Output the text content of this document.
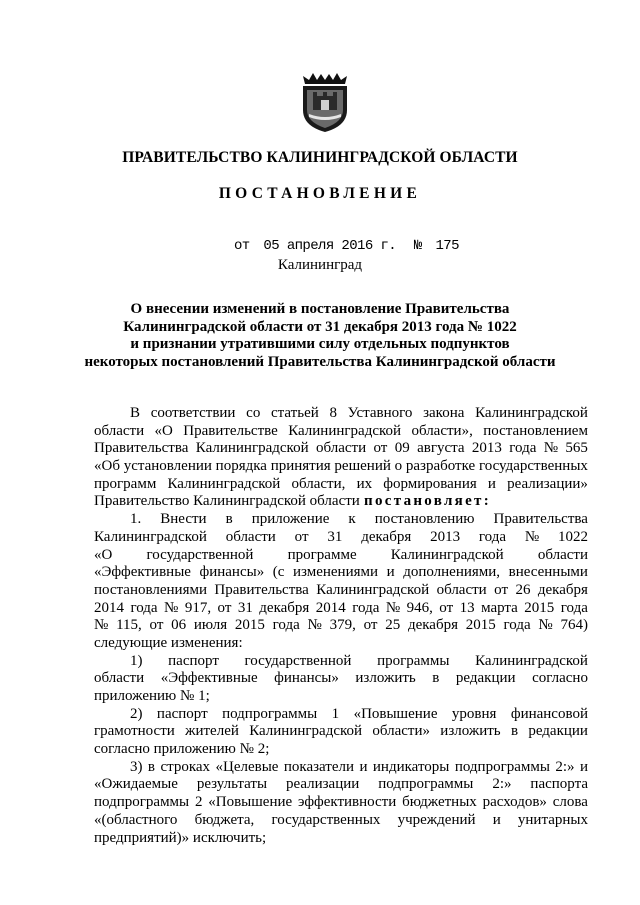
ПРАВИТЕЛЬСТВО КАЛИНИНГРАДСКОЙ ОБЛАСТИ
ПОСТАНОВЛЕНИЕ
от 05 апреля 2016 г. № 175
Калининград
О внесении изменений в постановление Правительства
Калининградской области от 31 декабря 2013 года № 1022
и признании утратившими силу отдельных подпунктов
некоторых постановлений Правительства Калининградской области
В соответствии со статьей 8 Уставного закона Калининградской
области «О Правительстве Калининградской области», постановлением
Правительства Калининградской области от 09 августа 2013 года № 565
«Об установлении порядка принятия решений о разработке государственных
программ Калининградской области, их формирования и реализации»
Правительство Калининградской области постановляет:
1. Внести в приложение к постановлению Правительства
Калининградской области от 31 декабря 2013 года № 1022
«О государственной программе Калининградской области
«Эффективные финансы» (с изменениями и дополнениями, внесенными
постановлениями Правительства Калининградской области от 26 декабря
2014 года № 917, от 31 декабря 2014 года № 946, от 13 марта 2015 года
№ 115, от 06 июля 2015 года № 379, от 25 декабря 2015 года № 764)
следующие изменения:
1) паспорт государственной программы Калининградской
области «Эффективные финансы» изложить в редакции согласно
приложению № 1;
2) паспорт подпрограммы 1 «Повышение уровня финансовой
грамотности жителей Калининградской области» изложить в редакции
согласно приложению № 2;
3) в строках «Целевые показатели и индикаторы подпрограммы 2:» и
«Ожидаемые результаты реализации подпрограммы 2:» паспорта
подпрограммы 2 «Повышение эффективности бюджетных расходов» слова
«(областного бюджета, государственных учреждений и унитарных
предприятий)» исключить;
